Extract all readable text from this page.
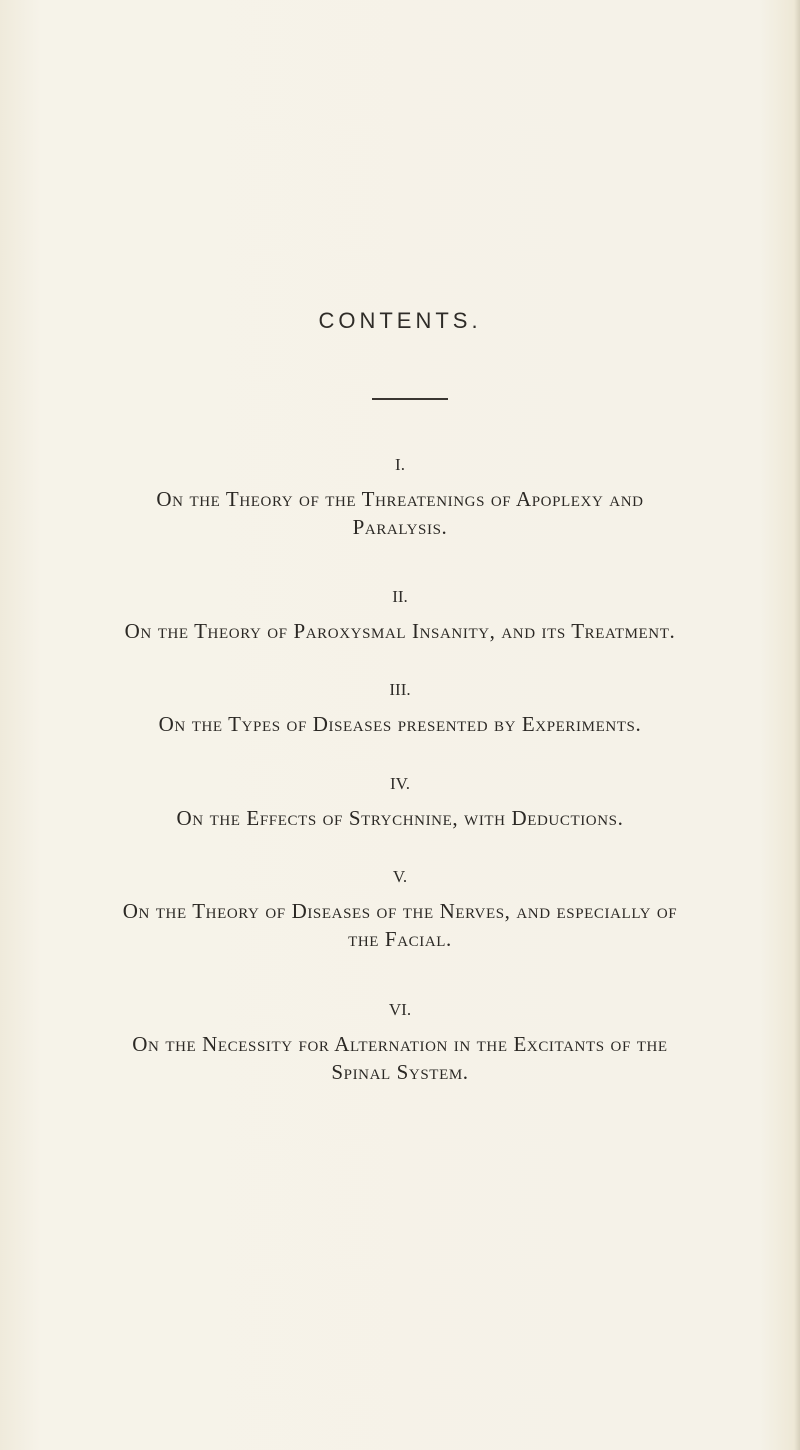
CONTENTS.
I.
On the Theory of the Threatenings of Apoplexy and
Paralysis.
II.
On the Theory of Paroxysmal Insanity, and its Treatment.
III.
On the Types of Diseases presented by Experiments.
IV.
On the Effects of Strychnine, with Deductions.
V.
On the Theory of Diseases of the Nerves, and especially of
the Facial.
VI.
On the Necessity for Alternation in the Excitants of the
Spinal System.
